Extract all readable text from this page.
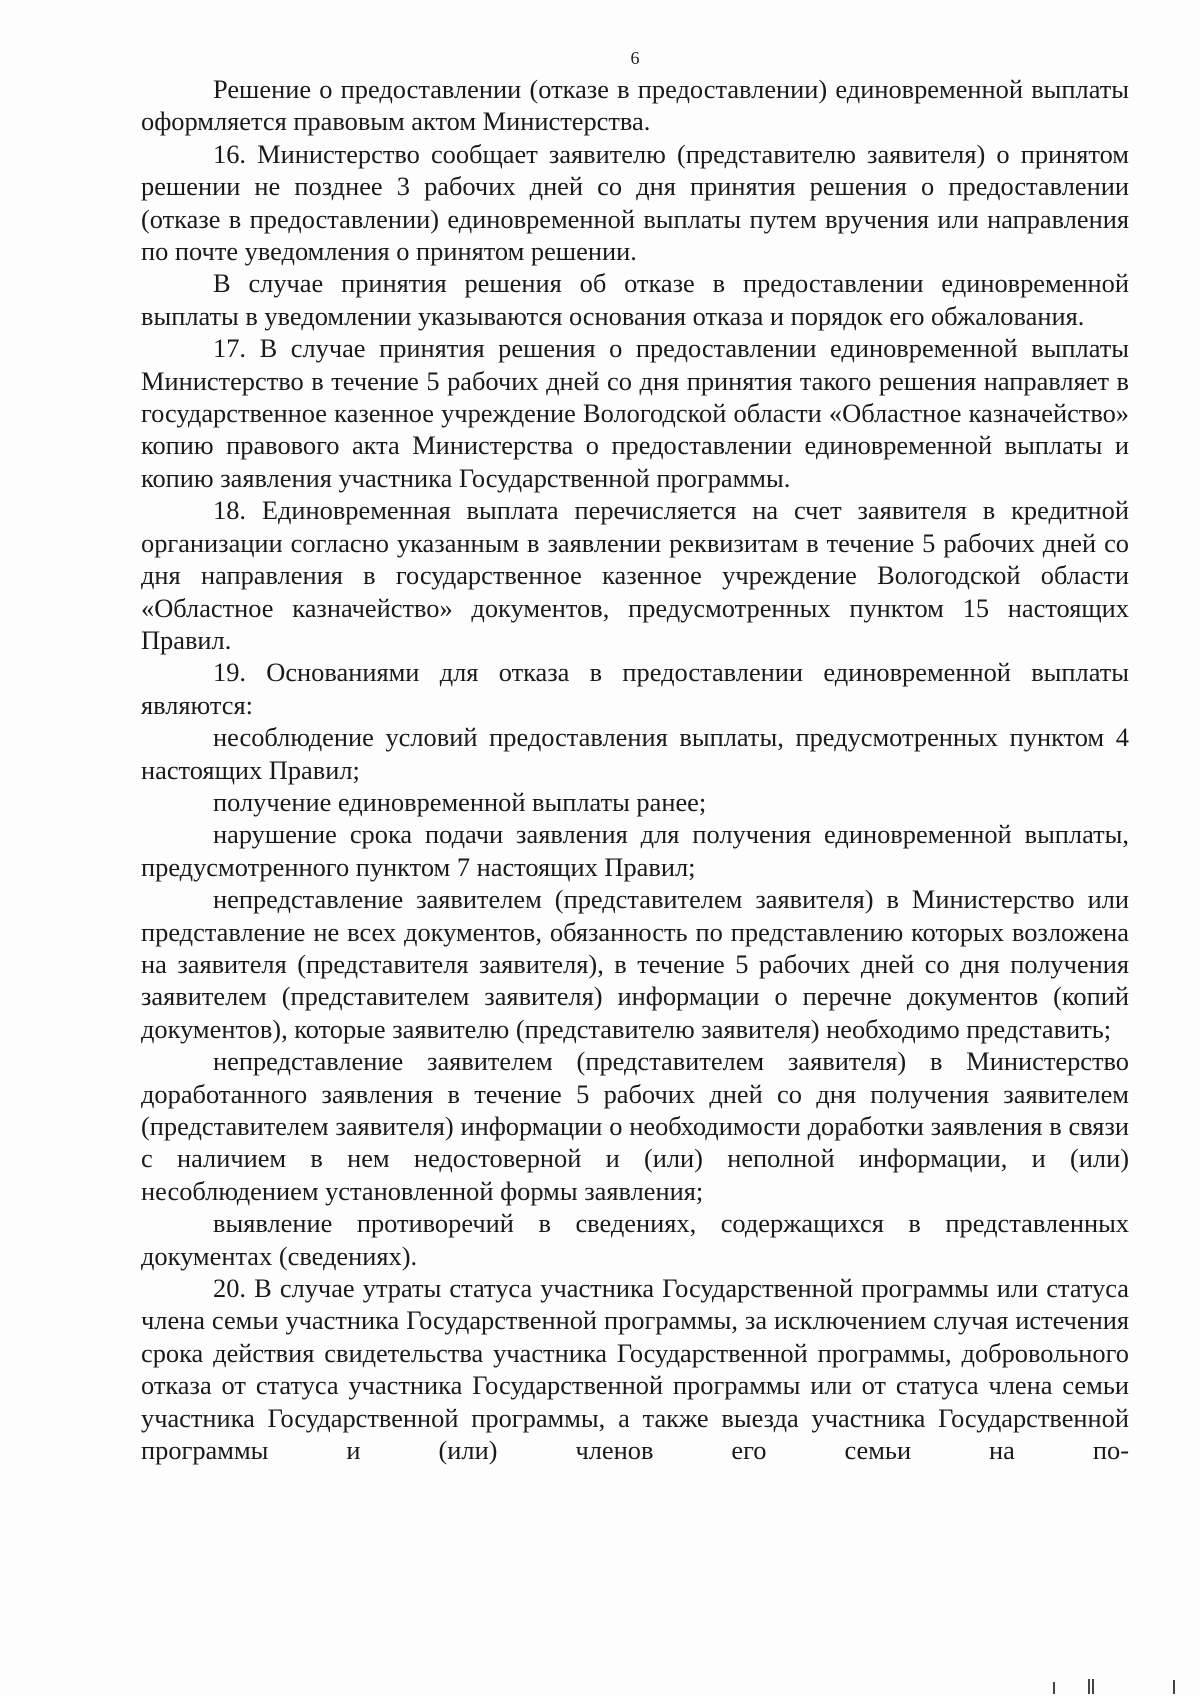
6

Решение о предоставлении (отказе в предоставлении) единовременной выплаты оформляется правовым актом Министерства.

16. Министерство сообщает заявителю (представителю заявителя) о принятом решении не позднее 3 рабочих дней со дня принятия решения о предоставлении (отказе в предоставлении) единовременной выплаты путем вручения или направления по почте уведомления о принятом решении.

В случае принятия решения об отказе в предоставлении единовременной выплаты в уведомлении указываются основания отказа и порядок его обжалования.

17. В случае принятия решения о предоставлении единовременной выплаты Министерство в течение 5 рабочих дней со дня принятия такого решения направляет в государственное казенное учреждение Вологодской области «Областное казначейство» копию правового акта Министерства о предоставлении единовременной выплаты и копию заявления участника Государственной программы.

18. Единовременная выплата перечисляется на счет заявителя в кредитной организации согласно указанным в заявлении реквизитам в течение 5 рабочих дней со дня направления в государственное казенное учреждение Вологодской области «Областное казначейство» документов, предусмотренных пунктом 15 настоящих Правил.

19. Основаниями для отказа в предоставлении единовременной выплаты являются:

несоблюдение условий предоставления выплаты, предусмотренных пунктом 4 настоящих Правил;

получение единовременной выплаты ранее;

нарушение срока подачи заявления для получения единовременной выплаты, предусмотренного пунктом 7 настоящих Правил;

непредставление заявителем (представителем заявителя) в Министерство или представление не всех документов, обязанность по представлению которых возложена на заявителя (представителя заявителя), в течение 5 рабочих дней со дня получения заявителем (представителем заявителя) информации о перечне документов (копий документов), которые заявителю (представителю заявителя) необходимо представить;

непредставление заявителем (представителем заявителя) в Министерство доработанного заявления в течение 5 рабочих дней со дня получения заявителем (представителем заявителя) информации о необходимости доработки заявления в связи с наличием в нем недостоверной и (или) неполной информации, и (или) несоблюдением установленной формы заявления;

выявление противоречий в сведениях, содержащихся в представленных документах (сведениях).

20. В случае утраты статуса участника Государственной программы или статуса члена семьи участника Государственной программы, за исключением случая истечения срока действия свидетельства участника Государственной программы, добровольного отказа от статуса участника Государственной программы или от статуса члена семьи участника Государственной программы, а также выезда участника Государственной программы и (или) членов его семьи на по-
